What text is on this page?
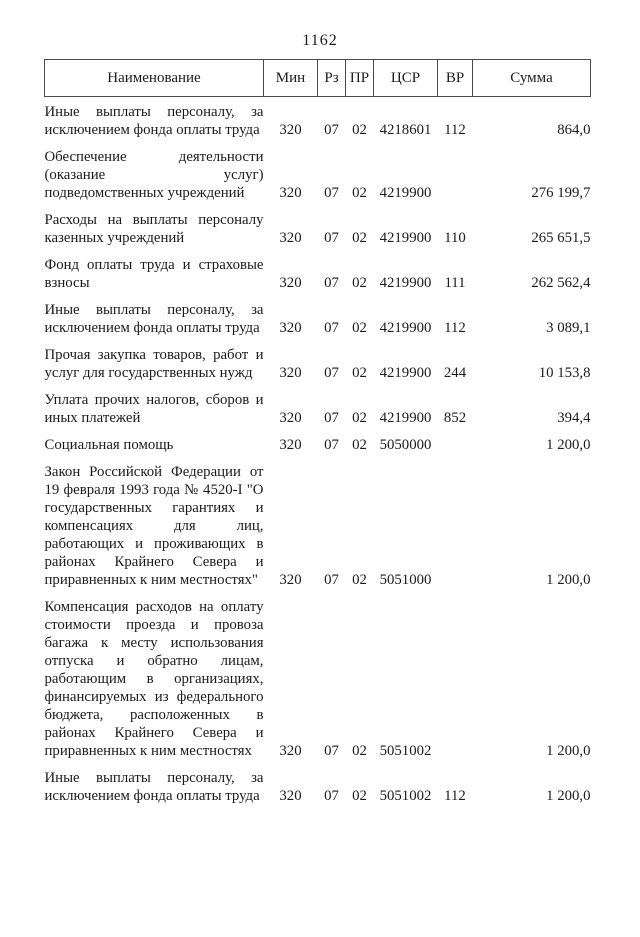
1162
Наименование	Мин	Рз	ПР	ЦСР	ВР	Сумма
Иные выплаты персоналу, за исключением фонда оплаты труда	320	07	02	4218601	112	864,0
Обеспечение деятельности (оказание услуг) подведомственных учреждений	320	07	02	4219900		276 199,7
Расходы на выплаты персоналу казенных учреждений	320	07	02	4219900	110	265 651,5
Фонд оплаты труда и страховые взносы	320	07	02	4219900	111	262 562,4
Иные выплаты персоналу, за исключением фонда оплаты труда	320	07	02	4219900	112	3 089,1
Прочая закупка товаров, работ и услуг для государственных нужд	320	07	02	4219900	244	10 153,8
Уплата прочих налогов, сборов и иных платежей	320	07	02	4219900	852	394,4
Социальная помощь	320	07	02	5050000		1 200,0
Закон Российской Федерации от 19 февраля 1993 года № 4520-I "О государственных гарантиях и компенсациях для лиц, работающих и проживающих в районах Крайнего Севера и приравненных к ним местностях"	320	07	02	5051000		1 200,0
Компенсация расходов на оплату стоимости проезда и провоза багажа к месту использования отпуска и обратно лицам, работающим в организациях, финансируемых из федерального бюджета, расположенных в районах Крайнего Севера и приравненных к ним местностях	320	07	02	5051002		1 200,0
Иные выплаты персоналу, за исключением фонда оплаты труда	320	07	02	5051002	112	1 200,0
